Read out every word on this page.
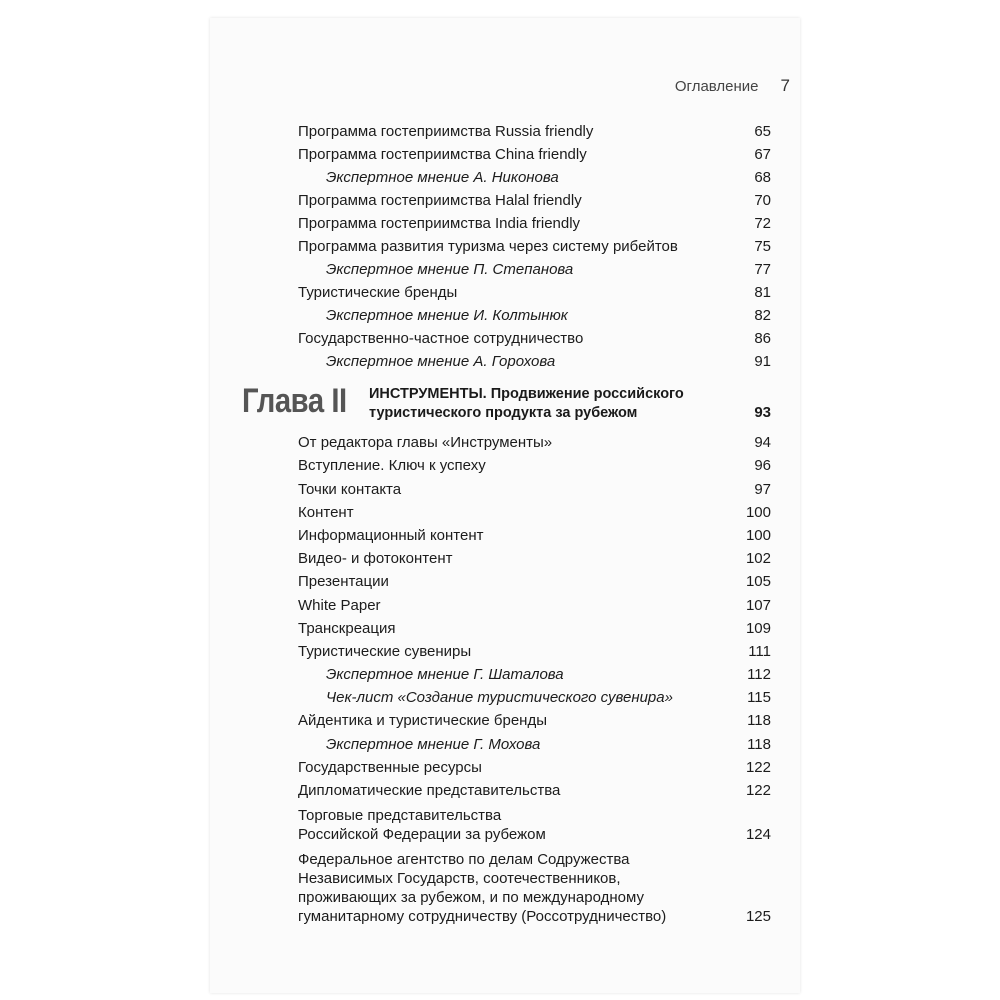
Оглавление 7
Программа гостеприимства Russia friendly	65
Программа гостеприимства China friendly	67
Экспертное мнение А. Никонова	68
Программа гостеприимства Halal friendly	70
Программа гостеприимства India friendly	72
Программа развития туризма через систему рибейтов	75
Экспертное мнение П. Степанова	77
Туристические бренды	81
Экспертное мнение И. Колтынюк	82
Государственно-частное сотрудничество	86
Экспертное мнение А. Горохова	91
Глава II ИНСТРУМЕНТЫ. Продвижение российского
туристического продукта за рубежом	93
От редактора главы «Инструменты»	94
Вступление. Ключ к успеху	96
Точки контакта	97
Контент	100
Информационный контент	100
Видео- и фотоконтент	102
Презентации	105
White Paper	107
Транскреация	109
Туристические сувениры	111
Экспертное мнение Г. Шаталова	112
Чек-лист «Создание туристического сувенира»	115
Айдентика и туристические бренды	118
Экспертное мнение Г. Мохова	118
Государственные ресурсы	122
Дипломатические представительства	122
Торговые представительства
Российской Федерации за рубежом	124
Федеральное агентство по делам Содружества
Независимых Государств, соотечественников,
проживающих за рубежом, и по международному
гуманитарному сотрудничеству (Россотрудничество)	125
